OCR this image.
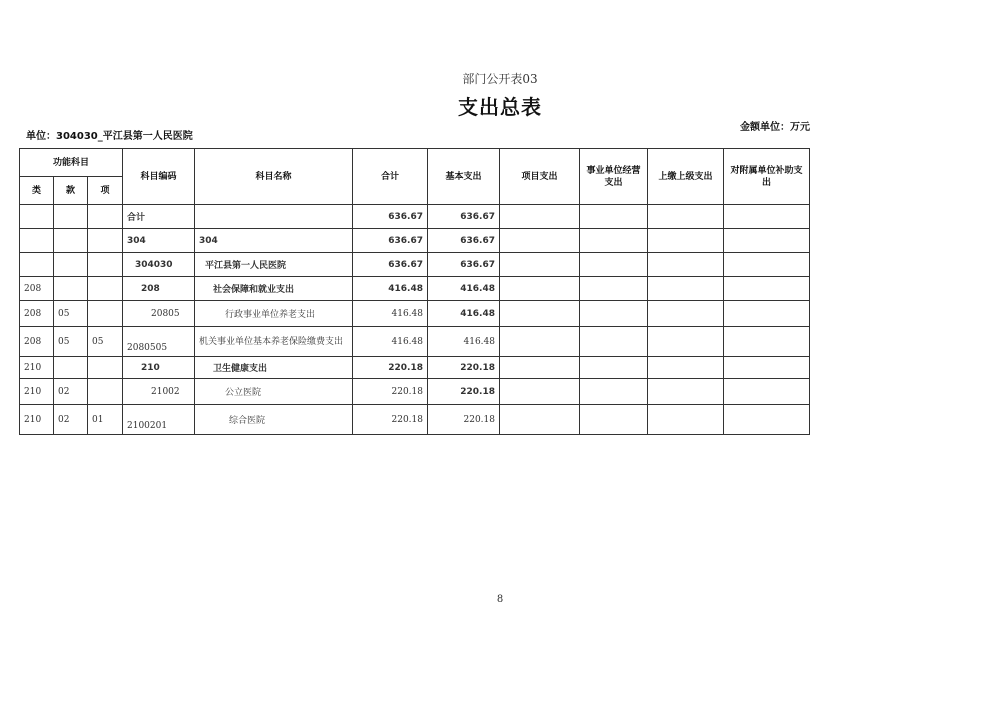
部门公开表03
支出总表
单位：304030_平江县第一人民医院
金额单位：万元
功能科目			科目编码	科目名称	合计	基本支出	项目支出	事业单位经营支出	上缴上级支出	对附属单位补助支出
类	款	项								
			合计		636.67	636.67				
			304	304	636.67	636.67				
			304030	平江县第一人民医院	636.67	636.67				
208			208	社会保障和就业支出	416.48	416.48				
208	05		20805	行政事业单位养老支出	416.48	416.48				
208	05	05	2080505	机关事业单位基本养老保险缴费支出	416.48	416.48				
210			210	卫生健康支出	220.18	220.18				
210	02		21002	公立医院	220.18	220.18				
210	02	01	2100201	综合医院	220.18	220.18				
8
